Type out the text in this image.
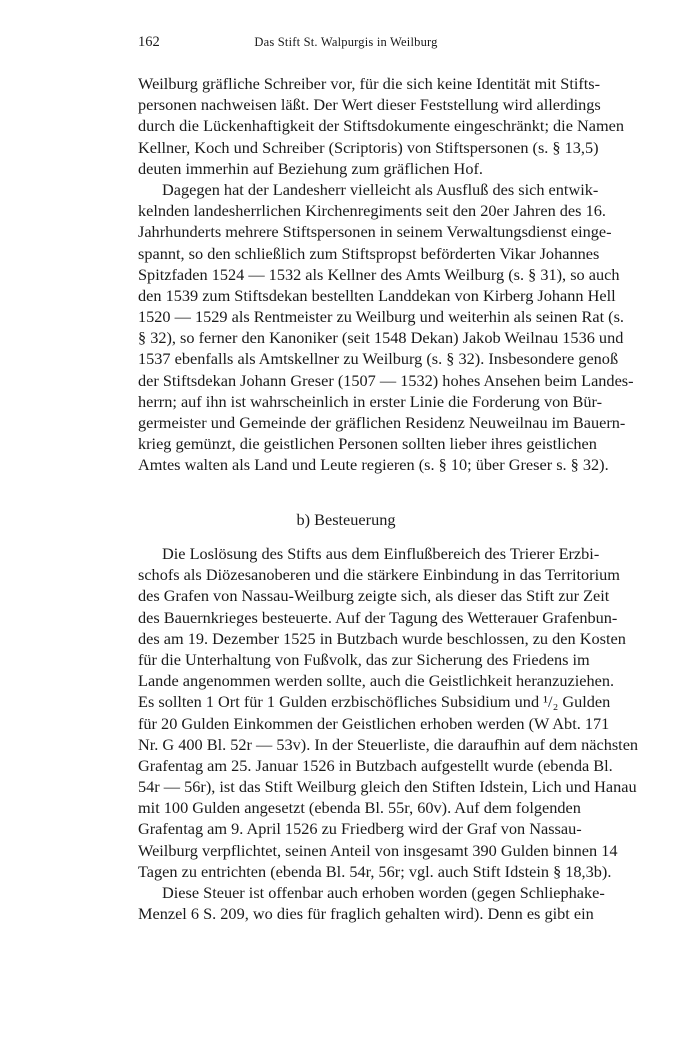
162	Das Stift St. Walpurgis in Weilburg
Weilburg gräfliche Schreiber vor, für die sich keine Identität mit Stifts-
personen nachweisen läßt. Der Wert dieser Feststellung wird allerdings
durch die Lückenhaftigkeit der Stiftsdokumente eingeschränkt; die Namen
Kellner, Koch und Schreiber (Scriptoris) von Stiftspersonen (s. § 13,5)
deuten immerhin auf Beziehung zum gräflichen Hof.
Dagegen hat der Landesherr vielleicht als Ausfluß des sich entwik-
kelnden landesherrlichen Kirchenregiments seit den 20er Jahren des 16.
Jahrhunderts mehrere Stiftspersonen in seinem Verwaltungsdienst einge-
spannt, so den schließlich zum Stiftspropst beförderten Vikar Johannes
Spitzfaden 1524 — 1532 als Kellner des Amts Weilburg (s. § 31), so auch
den 1539 zum Stiftsdekan bestellten Landdekan von Kirberg Johann Hell
1520 — 1529 als Rentmeister zu Weilburg und weiterhin als seinen Rat (s.
§ 32), so ferner den Kanoniker (seit 1548 Dekan) Jakob Weilnau 1536 und
1537 ebenfalls als Amtskellner zu Weilburg (s. § 32). Insbesondere genoß
der Stiftsdekan Johann Greser (1507 — 1532) hohes Ansehen beim Landes-
herrn; auf ihn ist wahrscheinlich in erster Linie die Forderung von Bür-
germeister und Gemeinde der gräflichen Residenz Neuweilnau im Bauern-
krieg gemünzt, die geistlichen Personen sollten lieber ihres geistlichen
Amtes walten als Land und Leute regieren (s. § 10; über Greser s. § 32).
b) Besteuerung
Die Loslösung des Stifts aus dem Einflußbereich des Trierer Erzbi-
schofs als Diözesanoberen und die stärkere Einbindung in das Territorium
des Grafen von Nassau-Weilburg zeigte sich, als dieser das Stift zur Zeit
des Bauernkrieges besteuerte. Auf der Tagung des Wetterauer Grafenbun-
des am 19. Dezember 1525 in Butzbach wurde beschlossen, zu den Kosten
für die Unterhaltung von Fußvolk, das zur Sicherung des Friedens im
Lande angenommen werden sollte, auch die Geistlichkeit heranzuziehen.
Es sollten 1 Ort für 1 Gulden erzbischöfliches Subsidium und ¹/₂ Gulden
für 20 Gulden Einkommen der Geistlichen erhoben werden (W Abt. 171
Nr. G 400 Bl. 52r — 53v). In der Steuerliste, die daraufhin auf dem nächsten
Grafentag am 25. Januar 1526 in Butzbach aufgestellt wurde (ebenda Bl.
54r — 56r), ist das Stift Weilburg gleich den Stiften Idstein, Lich und Hanau
mit 100 Gulden angesetzt (ebenda Bl. 55r, 60v). Auf dem folgenden
Grafentag am 9. April 1526 zu Friedberg wird der Graf von Nassau-
Weilburg verpflichtet, seinen Anteil von insgesamt 390 Gulden binnen 14
Tagen zu entrichten (ebenda Bl. 54r, 56r; vgl. auch Stift Idstein § 18,3b).
Diese Steuer ist offenbar auch erhoben worden (gegen Schliephake-
Menzel 6 S. 209, wo dies für fraglich gehalten wird). Denn es gibt ein
